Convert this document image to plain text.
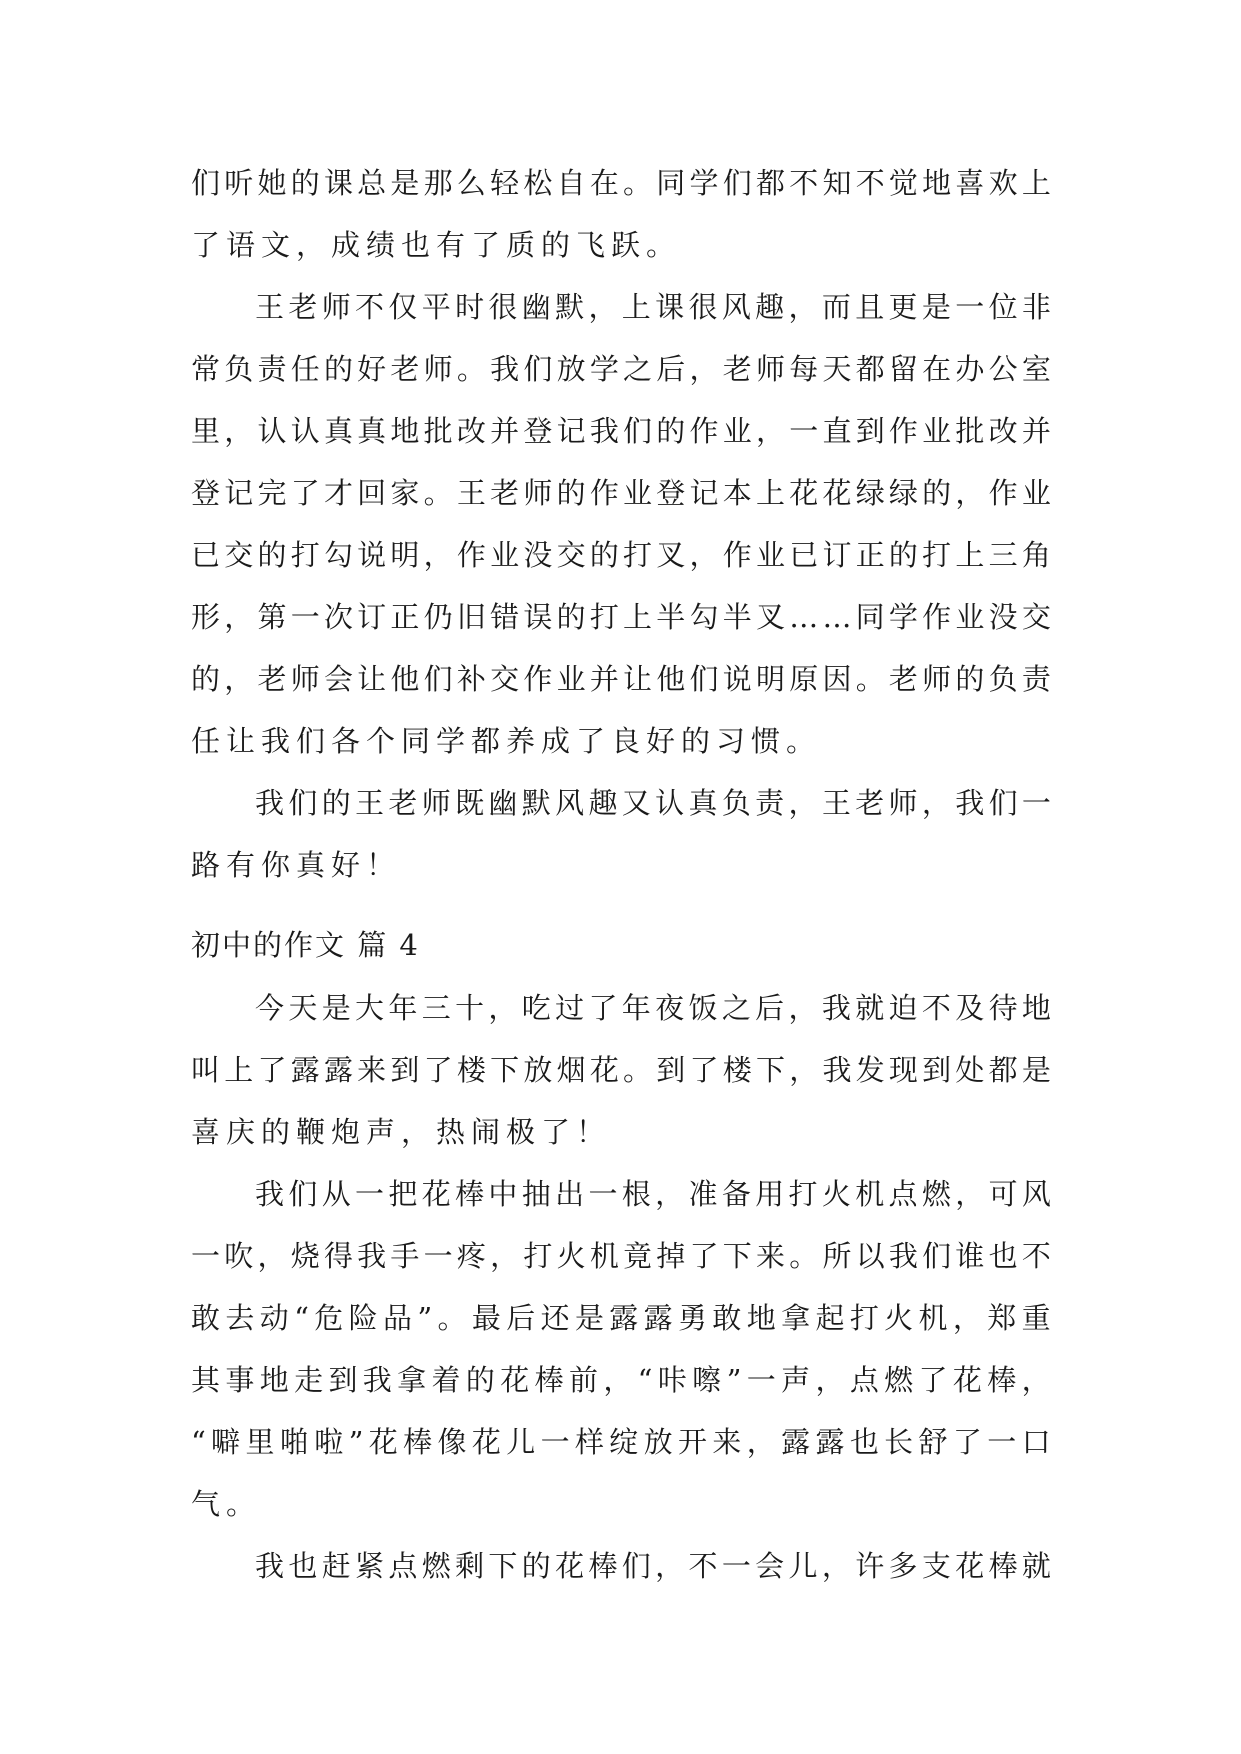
们 听 她 的 课 总 是 那 么 轻 松 自 在 。 同 学 们 都 不 知 不 觉 地 喜 欢 上
了语文，成绩也有了质的飞跃。
王 老 师 不 仅 平 时 很 幽 默 ， 上 课 很 风 趣 ， 而 且 更 是 一 位 非
常 负 责 任 的 好 老 师 。 我 们 放 学 之 后 ， 老 师 每 天 都 留 在 办 公 室
里 ， 认 认 真 真 地 批 改 并 登 记 我 们 的 作 业 ， 一 直 到 作 业 批 改 并
登 记 完 了 才 回 家 。 王 老 师 的 作 业 登 记 本 上 花 花 绿 绿 的 ， 作 业
已 交 的 打 勾 说 明 ， 作 业 没 交 的 打 叉 ， 作 业 已 订 正 的 打 上 三 角
形 ， 第 一 次 订 正 仍 旧 错 误 的 打 上 半 勾 半 叉 … … 同 学 作 业 没 交
的 ， 老 师 会 让 他 们 补 交 作 业 并 让 他 们 说 明 原 因 。 老 师 的 负 责
任让我们各个同学都养成了良好的习惯。
我 们 的 王 老 师 既 幽 默 风 趣 又 认 真 负 责 ， 王 老 师 ， 我 们 一
路有你真好！
初中的作文 篇 4
今 天 是 大 年 三 十 ， 吃 过 了 年 夜 饭 之 后 ， 我 就 迫 不 及 待 地
叫 上 了 露 露 来 到 了 楼 下 放 烟 花 。 到 了 楼 下 ， 我 发 现 到 处 都 是
喜庆的鞭炮声，热闹极了！
我 们 从 一 把 花 棒 中 抽 出 一 根 ， 准 备 用 打 火 机 点 燃 ， 可 风
一 吹 ， 烧 得 我 手 一 疼 ， 打 火 机 竟 掉 了 下 来 。 所 以 我 们 谁 也 不
敢 去 动 “ 危 险 品 ” 。 最 后 还 是 露 露 勇 敢 地 拿 起 打 火 机 ， 郑 重
其 事 地 走 到 我 拿 着 的 花 棒 前 ， “ 咔 嚓 ” 一 声 ， 点 燃 了 花 棒 ，
“ 噼 里 啪 啦 ” 花 棒 像 花 儿 一 样 绽 放 开 来 ， 露 露 也 长 舒 了 一 口
气。
我 也 赶 紧 点 燃 剩 下 的 花 棒 们 ， 不 一 会 儿 ， 许 多 支 花 棒 就
